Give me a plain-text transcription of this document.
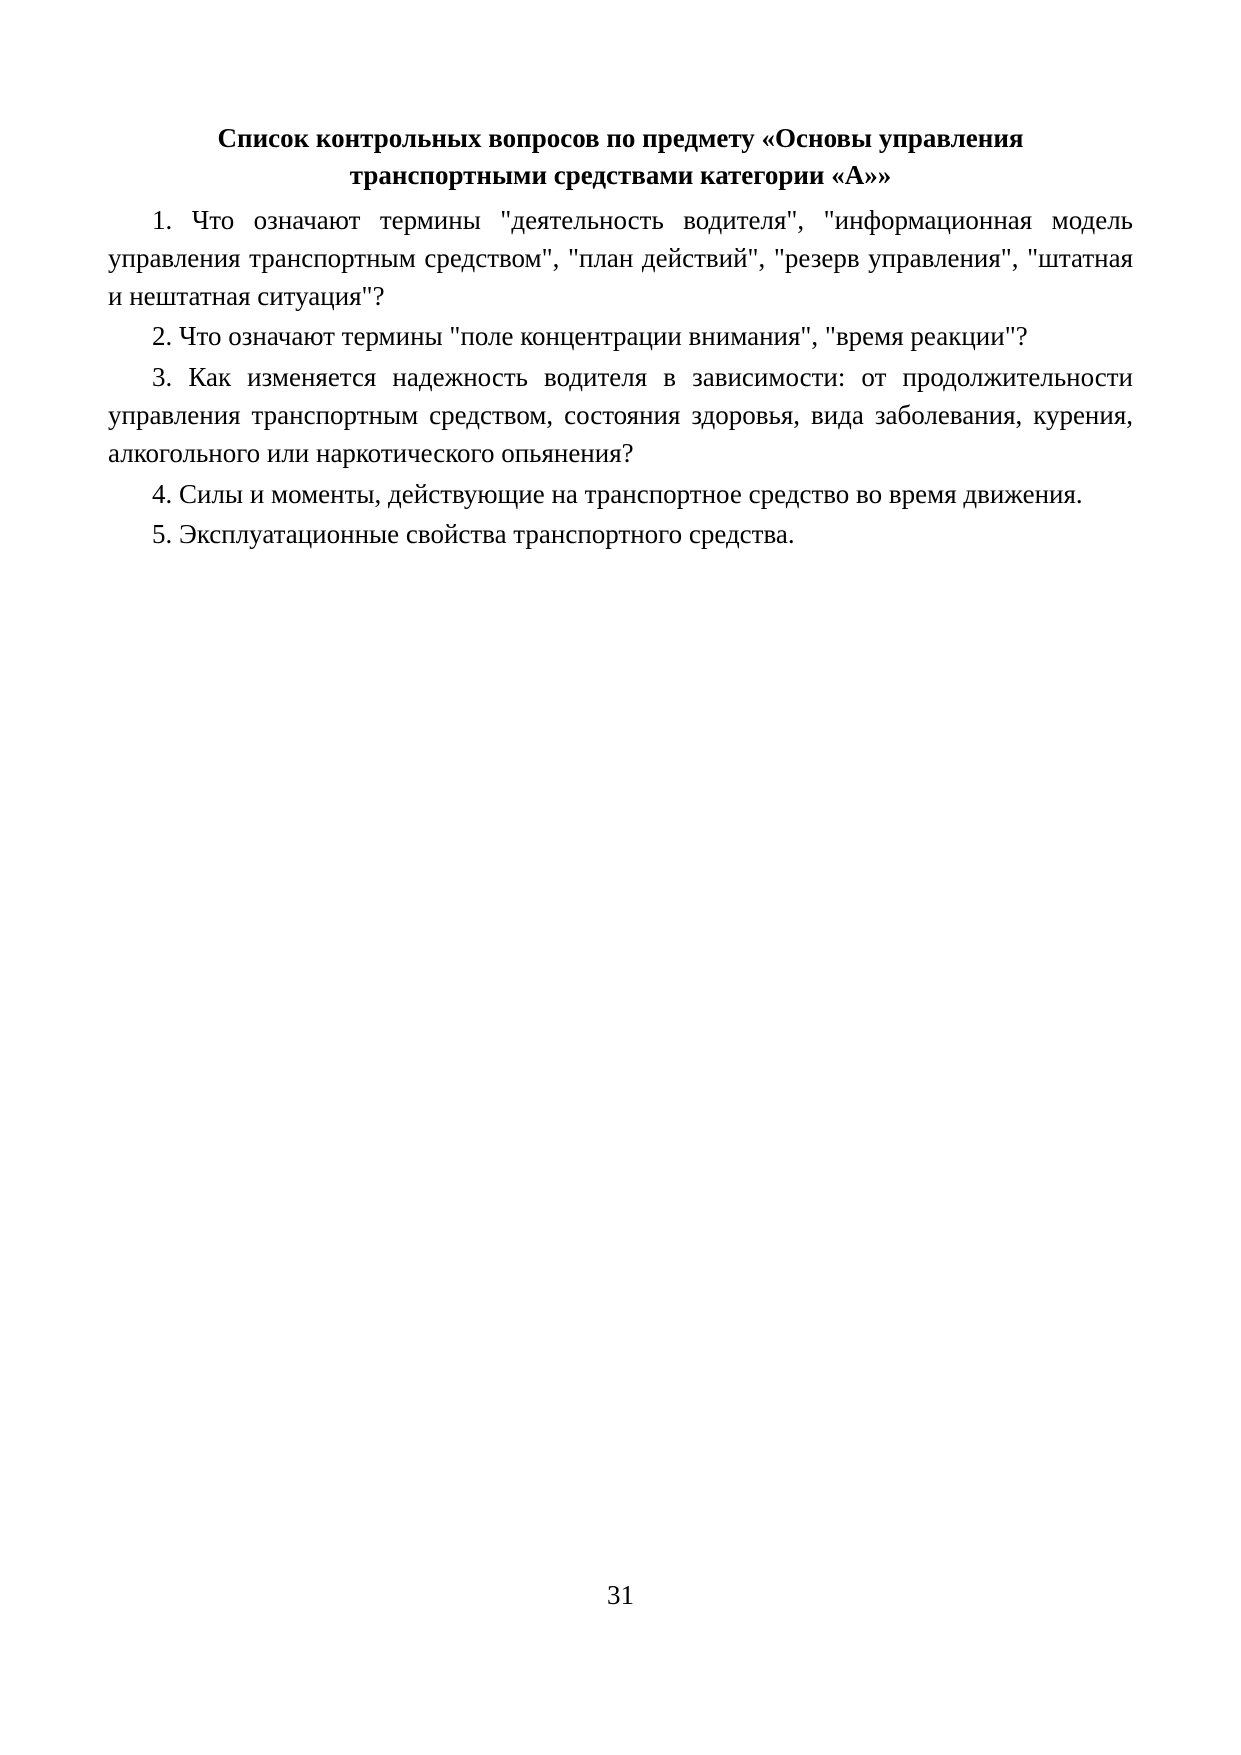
Список контрольных вопросов по предмету «Основы управления
транспортными средствами категории «А»»

1. Что означают термины "деятельность водителя", "информационная модель управления транспортным средством", "план действий", "резерв управления", "штатная и нештатная ситуация"?

2. Что означают термины "поле концентрации внимания", "время реакции"?

3. Как изменяется надежность водителя в зависимости: от продолжительности управления транспортным средством, состояния здоровья, вида заболевания, курения, алкогольного или наркотического опьянения?

4. Силы и моменты, действующие на транспортное средство во время движения.

5. Эксплуатационные свойства транспортного средства.

31
